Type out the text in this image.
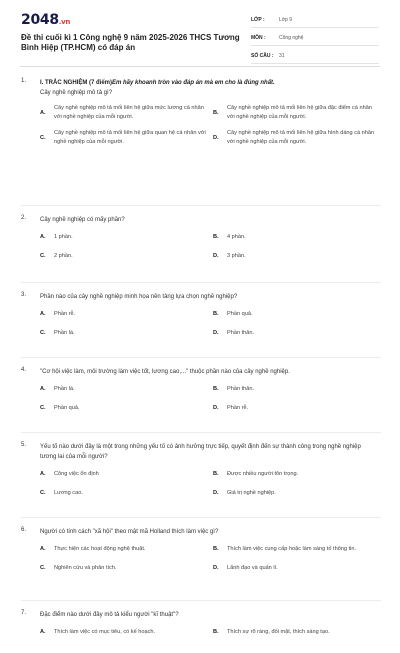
2048.vn
Đề thi cuối kì 1 Công nghệ 9 năm 2025-2026 THCS Tương Bình Hiệp (TP.HCM) có đáp án
LỚP :	Lớp 9
MÔN :	Công nghệ
SỐ CÂU :	31
1. I. TRẮC NGHIỆM (7 điểm)Em hãy khoanh tròn vào đáp án mà em cho là đúng nhất.
Cây nghề nghiệp mô tả gì?
A.
Cây nghề nghiệp mô tả mối liên hệ giữa mức lương cá nhân với nghề nghiệp của mỗi người.
B.
Cây nghề nghiệp mô tả mối liên hệ giữa đặc điểm cá nhân với nghề nghiệp của mỗi người.
C.
Cây nghề nghiệp mô tả mối liên hệ giữa quan hệ cá nhân với nghề nghiệp của mỗi người.
D.
Cây nghề nghiệp mô tả mối liên hệ giữa hình dáng cá nhân với nghề nghiệp của mỗi người.
2. Cây nghề nghiệp có mấy phần?
A.	1 phần.	B.	4 phần.
C.	2 phần.	D.	3 phần.
3. Phần nào của cây nghề nghiệp minh họa nền tảng lựa chọn nghề nghiệp?
A.	Phần rễ.	B.	Phần quả.
C.	Phần lá.	D.	Phần thân.
4. "Cơ hội việc làm, môi trường làm việc tốt, lương cao,..." thuộc phần nào của cây nghề nghiệp.
A.	Phần lá.	B.	Phần thân.
C.	Phần quả.	D.	Phần rễ.
5. Yếu tố nào dưới đây là một trong những yếu tố có ảnh hưởng trực tiếp, quyết định đến sự thành công trong nghề nghiệp tương lai của mỗi người?
A.	Công việc ổn định	B.	Được nhiều người tôn trọng.
C.	Lương cao.	D.	Giá trị nghề nghiệp.
6. Người có tính cách "xã hội" theo mật mã Holland thích làm việc gì?
A.	Thực hiện các hoạt động nghệ thuật.	B.	Thích làm việc cung cấp hoặc làm sáng tỏ thông tin.
C.	Nghiên cứu và phân tích.	D.	Lãnh đạo và quản lí.
7. Đặc điểm nào dưới đây mô tả kiểu người "kĩ thuật"?
A.	Thích làm việc có mục tiêu, có kế hoạch.	B.	Thích sự rõ ràng, đối mặt, thích sáng tạo.
